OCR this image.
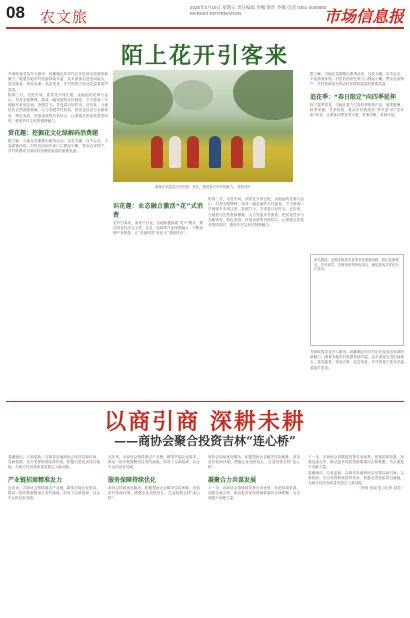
08 农文旅
2025年5月16日 星期五 责任编辑 李娜 制作 李娜 电话 0351-4046880
MARKET INFORMATION	市场信息报
陌上花开引客来
芥黄映客菜花开入眼帘，姹紫嫣红的乡村正在绽放出旅游的新魅力。随着各地乡村旅游持续升温，众多游客走进田间地头，赏花踏青、体验农事、品尝美食，乡村的春天处处洋溢着欢声笑语。
阳春三月，走进乡间，油菜花开得正艳，金灿灿的花海与远山、村舍交相辉映，构成一幅美丽的乡村画卷。不少游客一早便驱车来到这里，拍照打卡，享受春日好时光。近年来，当地依托自然资源禀赋，大力发展乡村旅游，把赏花经济与农耕体验、特色美食、民俗表演等有机结合，让游客在欣赏美景的同时，感受乡村文化的独特魅力。
赏花趣：挖掘花文化绿解码消费题
据了解，当地在花期推出系列活动，以花为媒、以节会友，丰富游客体验。村民们纷纷在家门口摆起小摊，售卖农家特产，乡村旅游成为带动村民增收致富的重要渠道。
游客在油菜花田中拍照、赏花，感受春日乡村的魅力。 资料图片
识花趣：业态融合激活“花”式消费
花开引客来，客来兴百业。各地积极探索“花+”模式，推动赏花经济与文旅、农业、电商等产业深度融合，不断延伸产业链条，让“美丽风景”转化为“美丽经济”。
阳春三月，走进乡间，油菜花开得正艳，金灿灿的花海与远山、村舍交相辉映，构成一幅美丽的乡村画卷。不少游客一早便驱车来到这里，拍照打卡，享受春日好时光。近年来，当地依托自然资源禀赋，大力发展乡村旅游，把赏花经济与农耕体验、特色美食、民俗表演等有机结合，让游客在欣赏美景的同时，感受乡村文化的独特魅力。
据了解，当地在花期推出系列活动，以花为媒、以节会友，丰富游客体验。村民们纷纷在家门口摆起小摊，售卖农家特产，乡村旅游成为带动村民增收致富的重要渠道。
追花季：“春日限定”向四季延伸
除了春季赏花，当地还着力打造四季旅游产品，夏季避暑、秋季采摘、冬季民俗，推动乡村旅游从“季节游”向“全年游”转变，让游客四季有景可看、有事可做、有味可品。
相关链接：近期多地发布春季赏花旅游线路，推出花海观光、乡村研学、农事体验等特色项目，满足游客多样化出行需求。
芥黄映客菜花开入眼帘，姹紫嫣红的乡村正在绽放出旅游的新魅力。随着各地乡村旅游持续升温，众多游客走进田间地头，赏花踏青、体验农事、品尝美食，乡村的春天处处洋溢着欢声笑语。
以商引商 深耕未耕
——商协会聚合投资吉林“连心桥”
春潮涌动，万象更新。吉林省各地商协会坚持以商引商、以商招商，充分发挥桥梁纽带作用，积极引进优质项目落地，为地方经济高质量发展注入新动能。
产业链招商精准发力
近年来，各商协会围绕重点产业链，精准对接企业需求，推动一批补链强链项目签约落地，形成了以商招商、以企引企的良好局面。
近年来，各商协会围绕重点产业链，精准对接企业需求，推动一批补链强链项目签约落地，形成了以商招商、以企引企的良好局面。
服务保障持续优化
商协会持续优化服务，积极帮助企业解决实际困难，营造良好营商环境，增强企业投资信心，打造投资吉林“连心桥”。
商协会持续优化服务，积极帮助企业解决实际困难，营造良好营商环境，增强企业投资信心，打造投资吉林“连心桥”。
凝聚合力共谋发展
下一步，各商协会将继续发挥自身优势，拓宽招商渠道，加强交流合作，推动更多优质资源要素向吉林集聚，为全面振兴贡献力量。
下一步，各商协会将继续发挥自身优势，拓宽招商渠道，加强交流合作，推动更多优质资源要素向吉林集聚，为全面振兴贡献力量。
春潮涌动，万象更新。吉林省各地商协会坚持以商引商、以商招商，充分发挥桥梁纽带作用，积极引进优质项目落地，为地方经济高质量发展注入新动能。
（李明 张丽 见习记者 刘洋）
